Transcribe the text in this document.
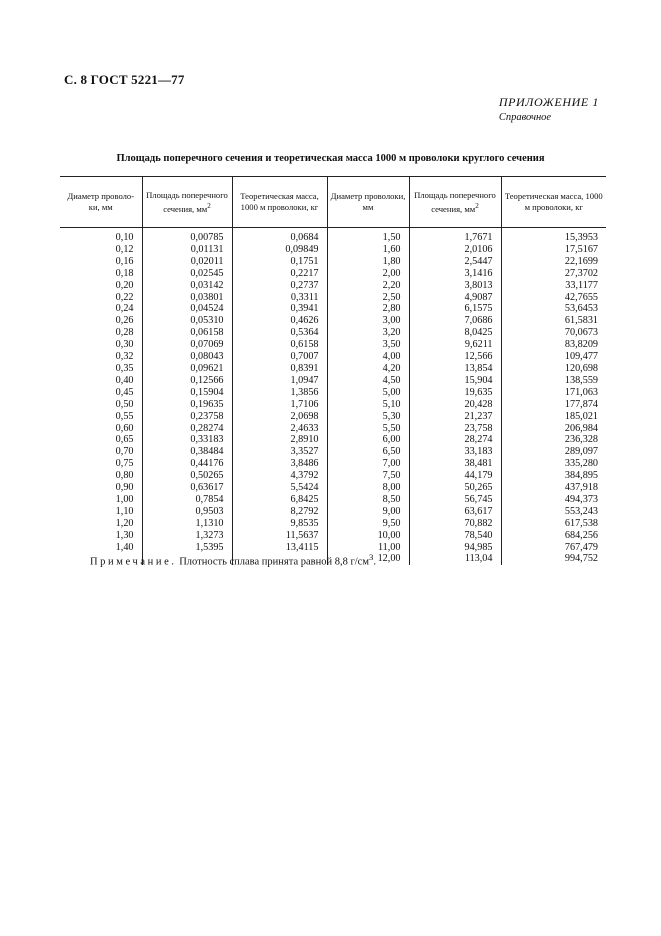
С. 8 ГОСТ 5221—77
ПРИЛОЖЕНИЕ 1
Справочное
Площадь поперечного сечения и теоретическая масса 1000 м проволоки круглого сечения
Диаметр проволо-ки, мм	Площадь поперечного сечения, $мм^2$	Теоретическая масса, 1000 м проволоки, кг	Диаметр проволоки, мм	Площадь поперечного сечения, $мм^2$	Теоретическая масса, 1000 м проволоки, кг
0,10	0,00785	0,0684	1,50	1,7671	15,3953
0,12	0,01131	0,09849	1,60	2,0106	17,5167
0,16	0,02011	0,1751	1,80	2,5447	22,1699
0,18	0,02545	0,2217	2,00	3,1416	27,3702
0,20	0,03142	0,2737	2,20	3,8013	33,1177
0,22	0,03801	0,3311	2,50	4,9087	42,7655
0,24	0,04524	0,3941	2,80	6,1575	53,6453
0,26	0,05310	0,4626	3,00	7,0686	61,5831
0,28	0,06158	0,5364	3,20	8,0425	70,0673
0,30	0,07069	0,6158	3,50	9,6211	83,8209
0,32	0,08043	0,7007	4,00	12,566	109,477
0,35	0,09621	0,8391	4,20	13,854	120,698
0,40	0,12566	1,0947	4,50	15,904	138,559
0,45	0,15904	1,3856	5,00	19,635	171,063
0,50	0,19635	1,7106	5,10	20,428	177,874
0,55	0,23758	2,0698	5,30	21,237	185,021
0,60	0,28274	2,4633	5,50	23,758	206,984
0,65	0,33183	2,8910	6,00	28,274	236,328
0,70	0,38484	3,3527	6,50	33,183	289,097
0,75	0,44176	3,8486	7,00	38,481	335,280
0,80	0,50265	4,3792	7,50	44,179	384,895
0,90	0,63617	5,5424	8,00	50,265	437,918
1,00	0,7854	6,8425	8,50	56,745	494,373
1,10	0,9503	8,2792	9,00	63,617	553,243
1,20	1,1310	9,8535	9,50	70,882	617,538
1,30	1,3273	11,5637	10,00	78,540	684,256
1,40	1,5395	13,4115	11,00	94,985	767,479
			12,00	113,04	994,752
Примечание. Плотность сплава принята равной 8,8 $г/см^3$.
